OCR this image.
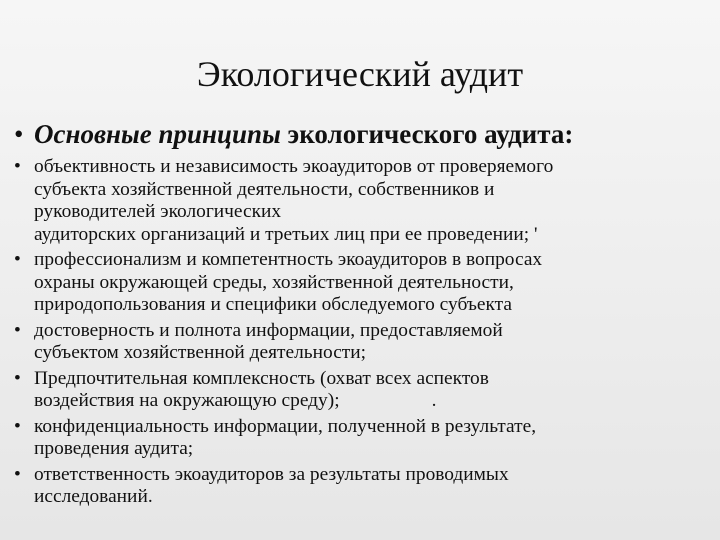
Экологический аудит
• Основные принципы экологического аудита:
• объективность и независимость экоаудиторов от проверяемого
субъекта хозяйственной деятельности, собственников и
руководителей экологических
аудиторских организаций и третьих лиц при ее проведении; '
• профессионализм и компетентность экоаудиторов в вопросах
охраны окружающей среды, хозяйственной деятельности,
природопользования и специфики обследуемого субъекта
• достоверность и полнота информации, предоставляемой
субъектом хозяйственной деятельности;
• Предпочтительная комплексность (охват всех аспектов
воздействия на окружающую среду);	.
• конфиденциальность информации, полученной в результате,
проведения аудита;
• ответственность экоаудиторов за результаты проводимых
исследований.
